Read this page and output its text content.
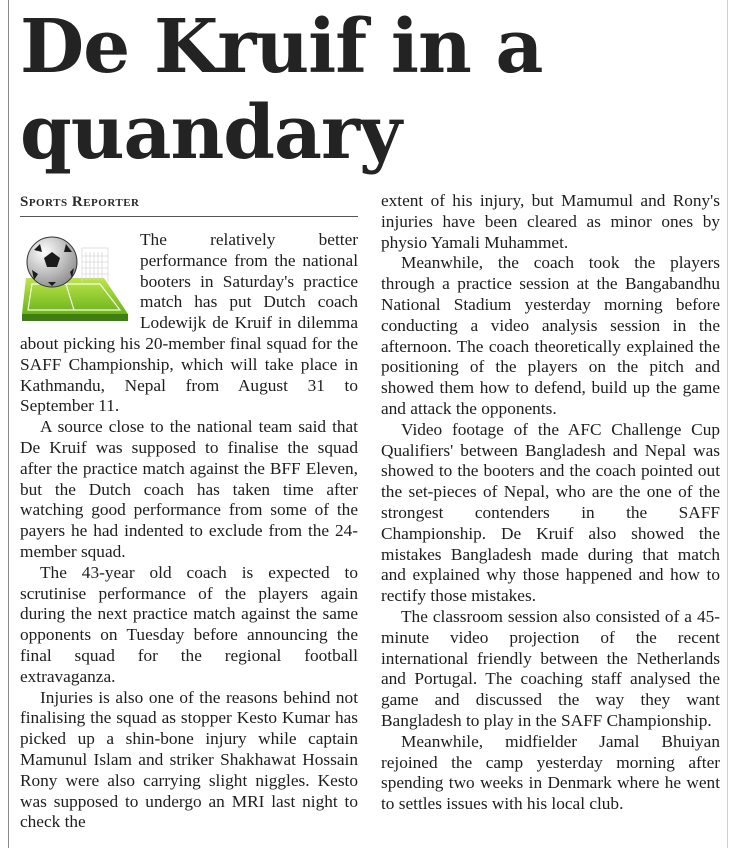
De Kruif in a quandary
Sports Reporter

The relatively better performance from the national booters in Saturday's practice match has put Dutch coach Lodewijk de Kruif in dilemma about picking his 20-member final squad for the SAFF Championship, which will take place in Kathmandu, Nepal from August 31 to September 11.

A source close to the national team said that De Kruif was supposed to finalise the squad after the practice match against the BFF Eleven, but the Dutch coach has taken time after watching good performance from some of the payers he had indented to exclude from the 24-member squad.

The 43-year old coach is expected to scrutinise performance of the players again during the next practice match against the same opponents on Tuesday before announcing the final squad for the regional football extravaganza.

Injuries is also one of the reasons behind not finalising the squad as stopper Kesto Kumar has picked up a shin-bone injury while captain Mamunul Islam and striker Shakhawat Hossain Rony were also carrying slight niggles. Kesto was supposed to undergo an MRI last night to check the

extent of his injury, but Mamumul and Rony's injuries have been cleared as minor ones by physio Yamali Muhammet.

Meanwhile, the coach took the players through a practice session at the Bangabandhu National Stadium yesterday morning before conducting a video analysis session in the afternoon. The coach theoretically explained the positioning of the players on the pitch and showed them how to defend, build up the game and attack the opponents.

Video footage of the AFC Challenge Cup Qualifiers' between Bangladesh and Nepal was showed to the booters and the coach pointed out the set-pieces of Nepal, who are the one of the strongest contenders in the SAFF Championship. De Kruif also showed the mistakes Bangladesh made during that match and explained why those happened and how to rectify those mistakes.

The classroom session also consisted of a 45-minute video projection of the recent international friendly between the Netherlands and Portugal. The coaching staff analysed the game and discussed the way they want Bangladesh to play in the SAFF Championship.

Meanwhile, midfielder Jamal Bhuiyan rejoined the camp yesterday morning after spending two weeks in Denmark where he went to settles issues with his local club.
